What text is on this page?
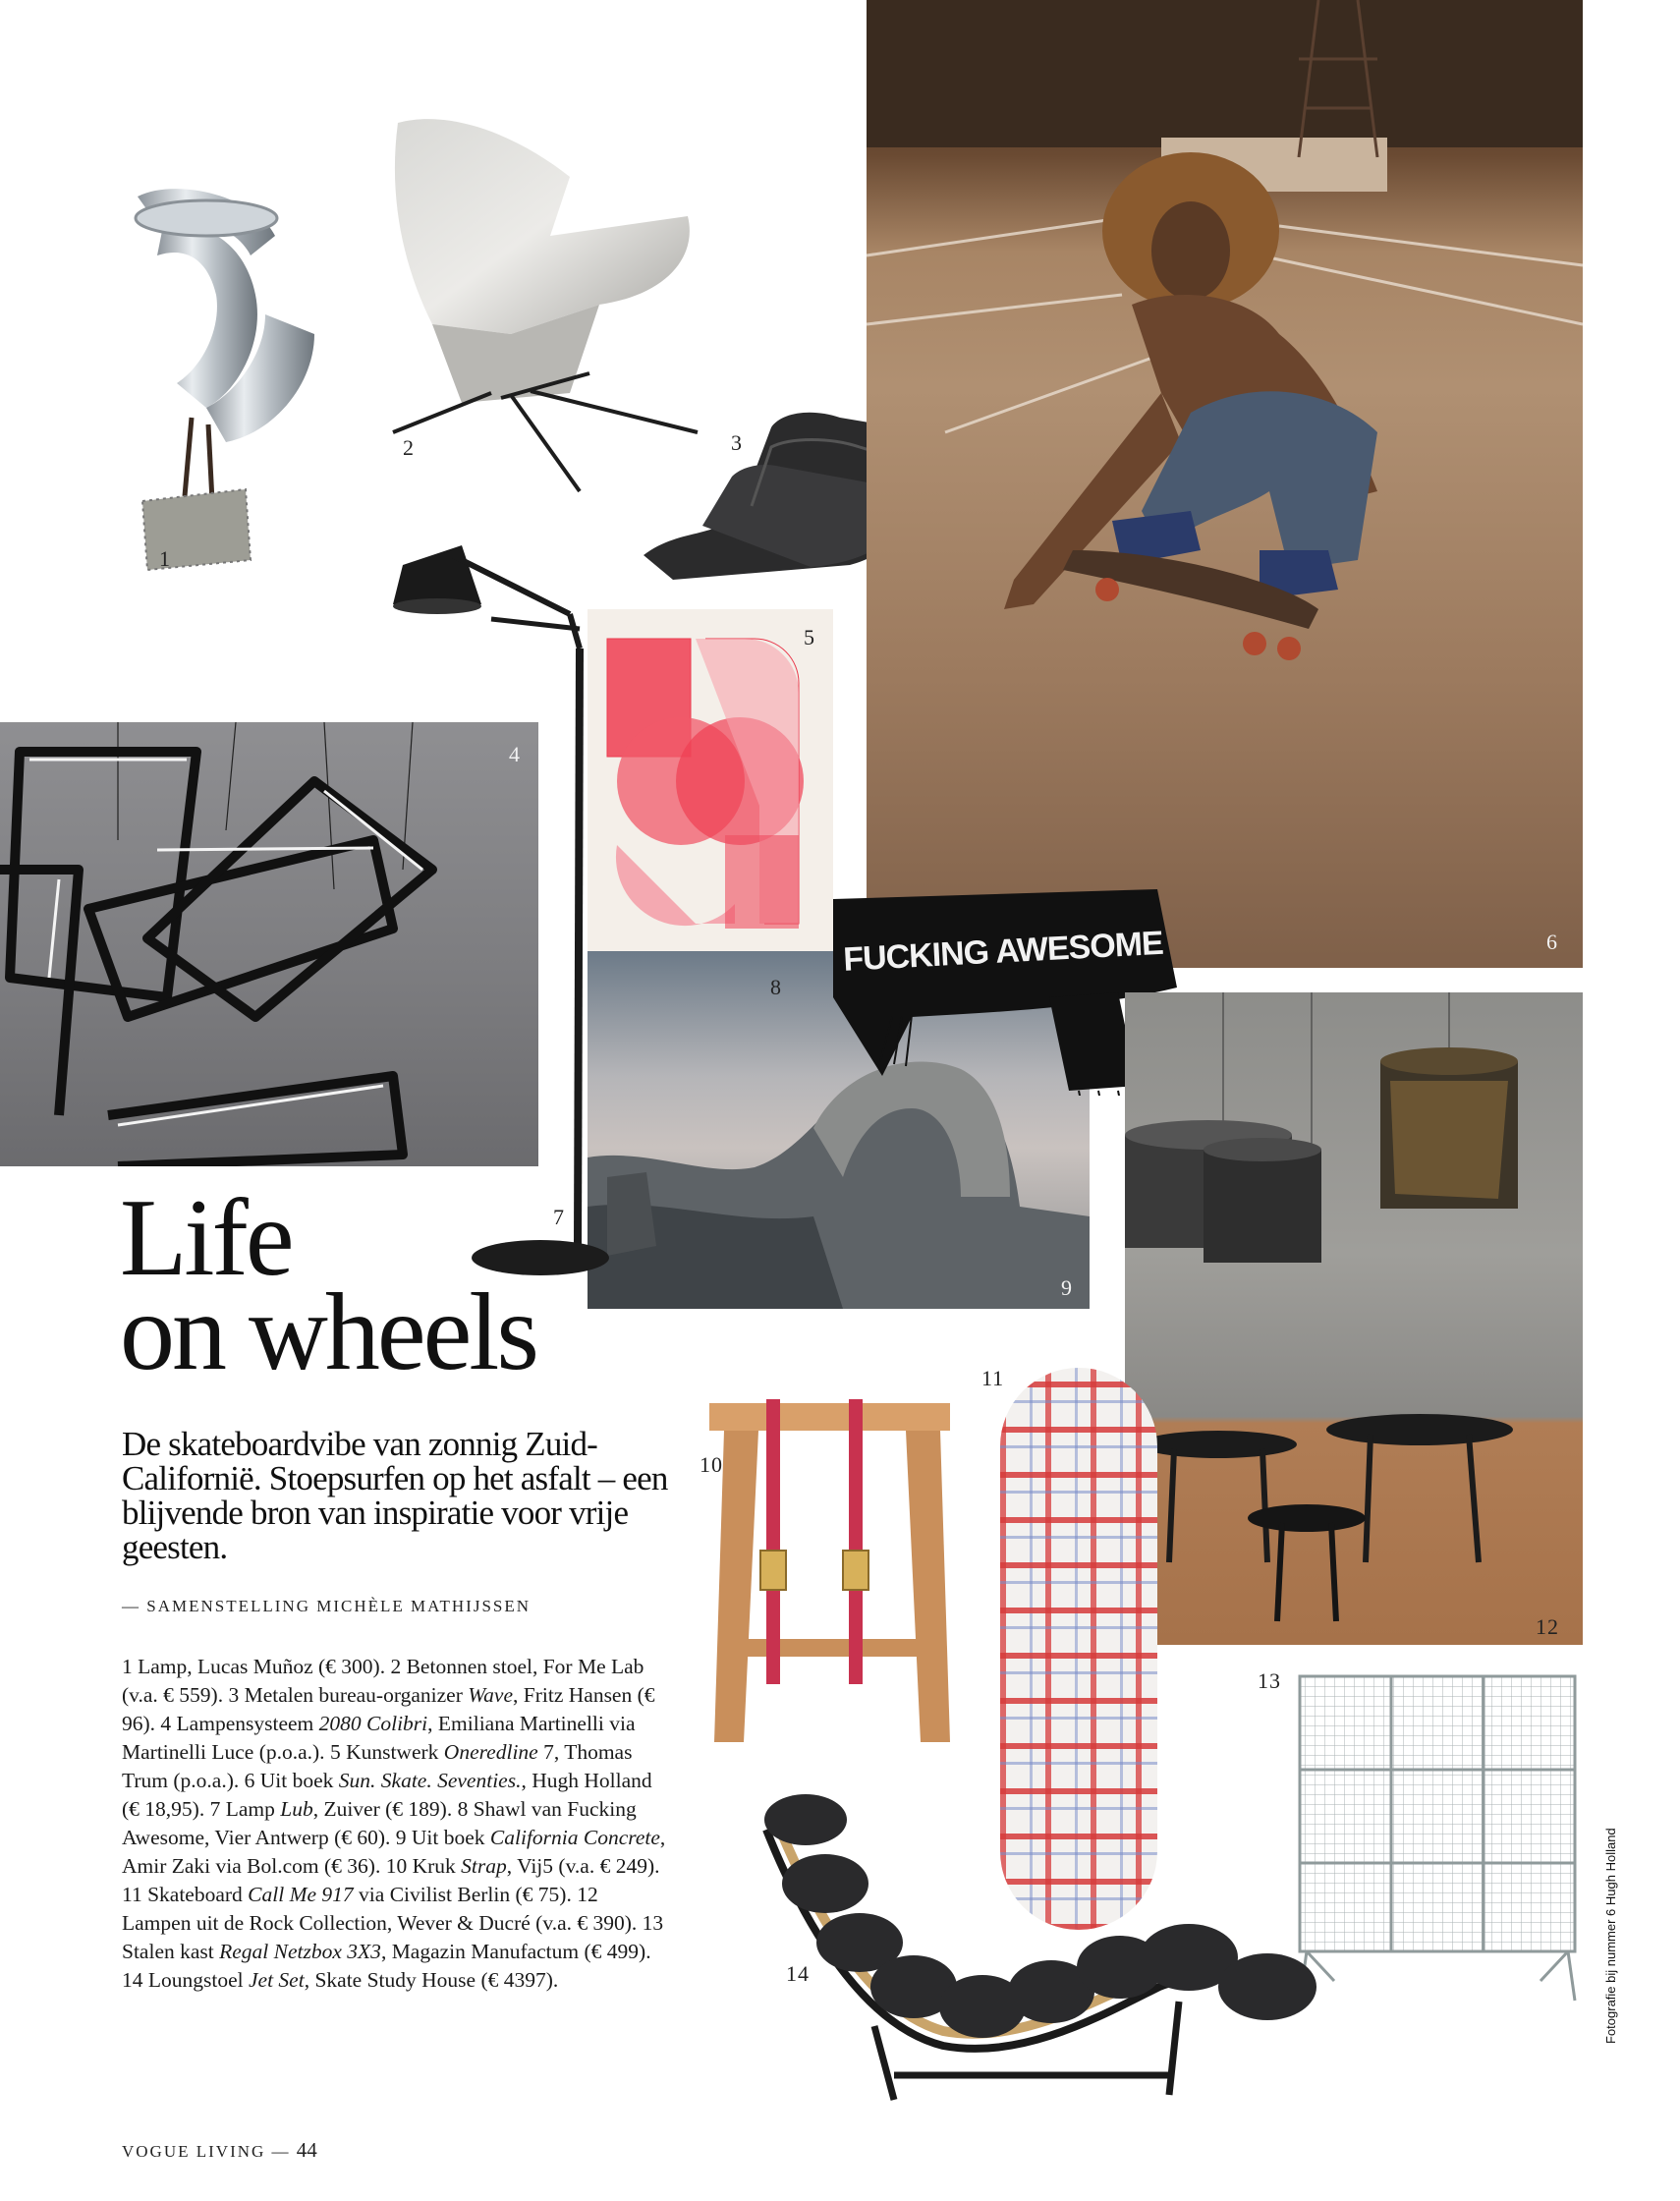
1
2	3
4
5
6
9
7
FUCKING AWESOME
8
12
10
11
13
14
Life
on wheels

De skateboardvibe van zonnig Zuid-Californië. Stoepsurfen op het asfalt – een blijvende bron van inspiratie voor vrije geesten.

— SAMENSTELLING MICHÈLE MATHIJSSEN

1 Lamp, Lucas Muñoz (€ 300). 2 Betonnen stoel, For Me Lab (v.a. € 559). 3 Metalen bureau-organizer Wave, Fritz Hansen (€ 96). 4 Lampensysteem 2080 Colibri, Emiliana Martinelli via Martinelli Luce (p.o.a.). 5 Kunstwerk Oneredline 7, Thomas Trum (p.o.a.). 6 Uit boek Sun. Skate. Seventies., Hugh Holland (€ 18,95). 7 Lamp Lub, Zuiver (€ 189). 8 Shawl van Fucking Awesome, Vier Antwerp (€ 60). 9 Uit boek California Concrete, Amir Zaki via Bol.com (€ 36). 10 Kruk Strap, Vij5 (v.a. € 249). 11 Skateboard Call Me 917 via Civilist Berlin (€ 75). 12 Lampen uit de Rock Collection, Wever & Ducré (v.a. € 390). 13 Stalen kast Regal Netzbox 3X3, Magazin Manufactum (€ 499). 14 Loungstoel Jet Set, Skate Study House (€ 4397).

VOGUE LIVING — 44
Fotografie bij nummer 6 Hugh Holland
